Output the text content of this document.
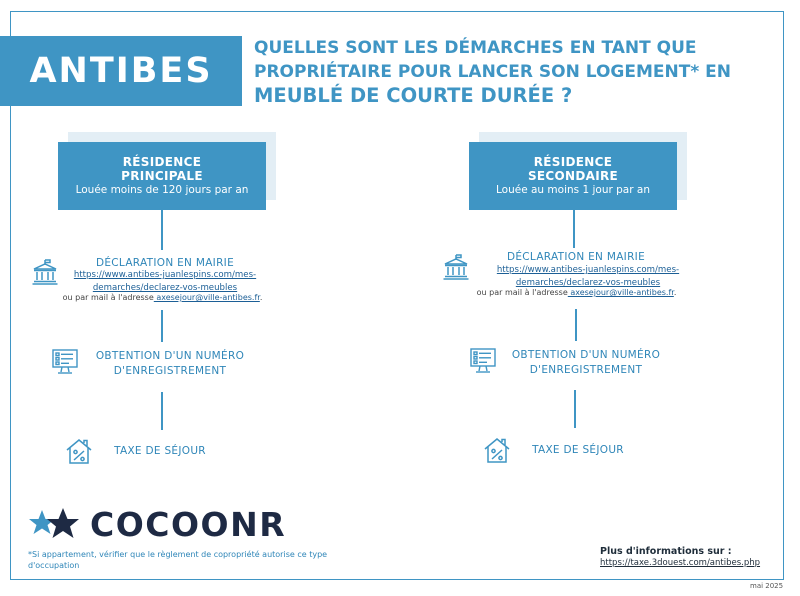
ANTIBES
QUELLES SONT LES DÉMARCHES EN TANT QUE
PROPRIÉTAIRE POUR LANCER SON LOGEMENT* EN
MEUBLÉ DE COURTE DURÉE ?
RÉSIDENCE
PRINCIPALE
Louée moins de 120 jours par an
DÉCLARATION EN MAIRIE
https://www.antibes-juanlespins.com/mes-
demarches/declarez-vos-meubles
ou par mail à l'adresse axesejour@ville-antibes.fr.
OBTENTION D'UN NUMÉRO
D'ENREGISTREMENT
TAXE DE SÉJOUR
RÉSIDENCE
SECONDAIRE
Louée au moins 1 jour par an
DÉCLARATION EN MAIRIE
https://www.antibes-juanlespins.com/mes-
demarches/declarez-vos-meubles
ou par mail à l'adresse axesejour@ville-antibes.fr.
OBTENTION D'UN NUMÉRO
D'ENREGISTREMENT
TAXE DE SÉJOUR
COCOONR
*Si appartement, vérifier que le règlement de copropriété autorise ce type d'occupation
Plus d'informations sur :
https://taxe.3douest.com/antibes.php
mai 2025
